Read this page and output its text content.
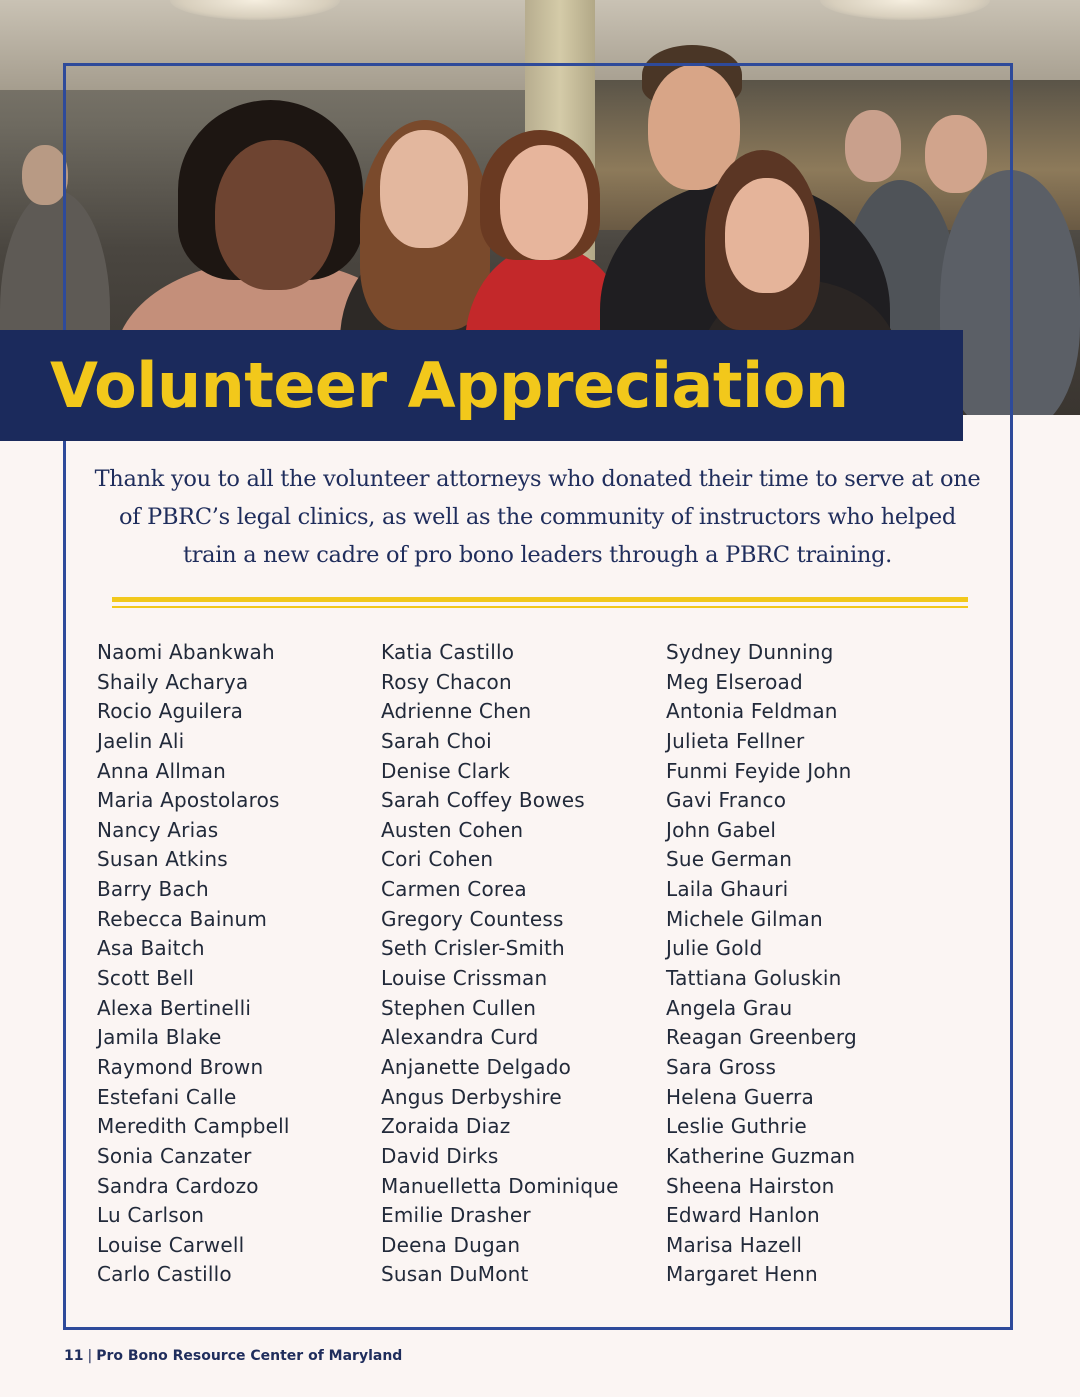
Volunteer Appreciation
Thank you to all the volunteer attorneys who donated their time to serve at one of PBRC’s legal clinics, as well as the community of instructors who helped train a new cadre of pro bono leaders through a PBRC training.
Naomi Abankwah
Shaily Acharya
Rocio Aguilera
Jaelin Ali
Anna Allman
Maria Apostolaros
Nancy Arias
Susan Atkins
Barry Bach
Rebecca Bainum
Asa Baitch
Scott Bell
Alexa Bertinelli
Jamila Blake
Raymond Brown
Estefani Calle
Meredith Campbell
Sonia Canzater
Sandra Cardozo
Lu Carlson
Louise Carwell
Carlo Castillo
Katia Castillo
Rosy Chacon
Adrienne Chen
Sarah Choi
Denise Clark
Sarah Coffey Bowes
Austen Cohen
Cori Cohen
Carmen Corea
Gregory Countess
Seth Crisler-Smith
Louise Crissman
Stephen Cullen
Alexandra Curd
Anjanette Delgado
Angus Derbyshire
Zoraida Diaz
David Dirks
Manuelletta Dominique
Emilie Drasher
Deena Dugan
Susan DuMont
Sydney Dunning
Meg Elseroad
Antonia Feldman
Julieta Fellner
Funmi Feyide John
Gavi Franco
John Gabel
Sue German
Laila Ghauri
Michele Gilman
Julie Gold
Tattiana Goluskin
Angela Grau
Reagan Greenberg
Sara Gross
Helena Guerra
Leslie Guthrie
Katherine Guzman
Sheena Hairston
Edward Hanlon
Marisa Hazell
Margaret Henn
11 | Pro Bono Resource Center of Maryland
